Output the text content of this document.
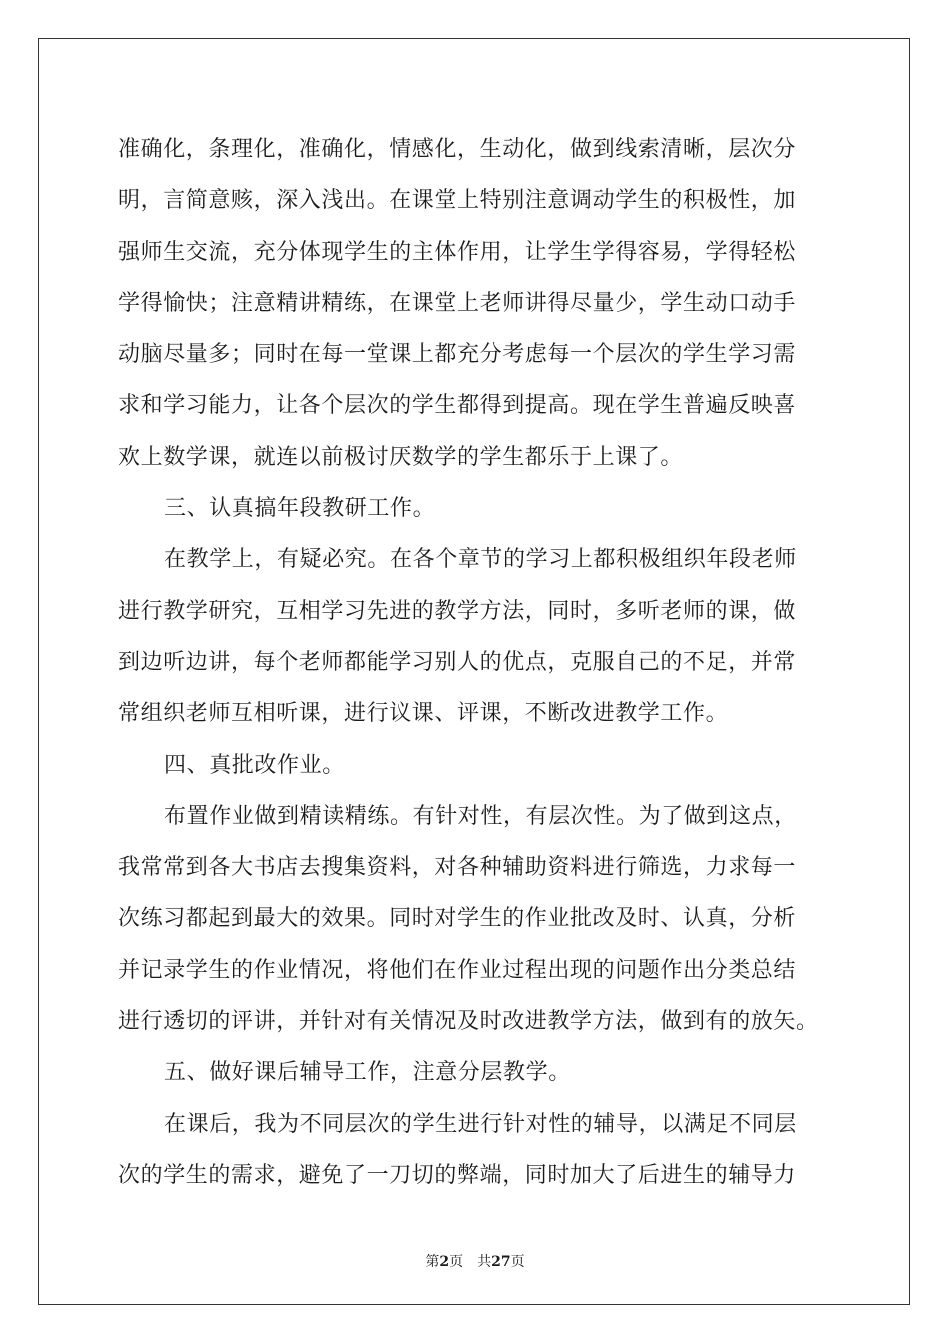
准确化，条理化，准确化，情感化，生动化，做到线索清晰，层次分
明，言简意赅，深入浅出。在课堂上特别注意调动学生的积极性，加
强师生交流，充分体现学生的主体作用，让学生学得容易，学得轻松
学得愉快；注意精讲精练，在课堂上老师讲得尽量少，学生动口动手
动脑尽量多；同时在每一堂课上都充分考虑每一个层次的学生学习需
求和学习能力，让各个层次的学生都得到提高。现在学生普遍反映喜
欢上数学课，就连以前极讨厌数学的学生都乐于上课了。
三、认真搞年段教研工作。
在教学上，有疑必究。在各个章节的学习上都积极组织年段老师
进行教学研究，互相学习先进的教学方法，同时，多听老师的课，做
到边听边讲，每个老师都能学习别人的优点，克服自己的不足，并常
常组织老师互相听课，进行议课、评课，不断改进教学工作。
四、真批改作业。
布置作业做到精读精练。有针对性，有层次性。为了做到这点，
我常常到各大书店去搜集资料，对各种辅助资料进行筛选，力求每一
次练习都起到最大的效果。同时对学生的作业批改及时、认真，分析
并记录学生的作业情况，将他们在作业过程出现的问题作出分类总结
进行透切的评讲，并针对有关情况及时改进教学方法，做到有的放矢。
五、做好课后辅导工作，注意分层教学。
在课后，我为不同层次的学生进行针对性的辅导，以满足不同层
次的学生的需求，避免了一刀切的弊端，同时加大了后进生的辅导力
第2页 共27页
